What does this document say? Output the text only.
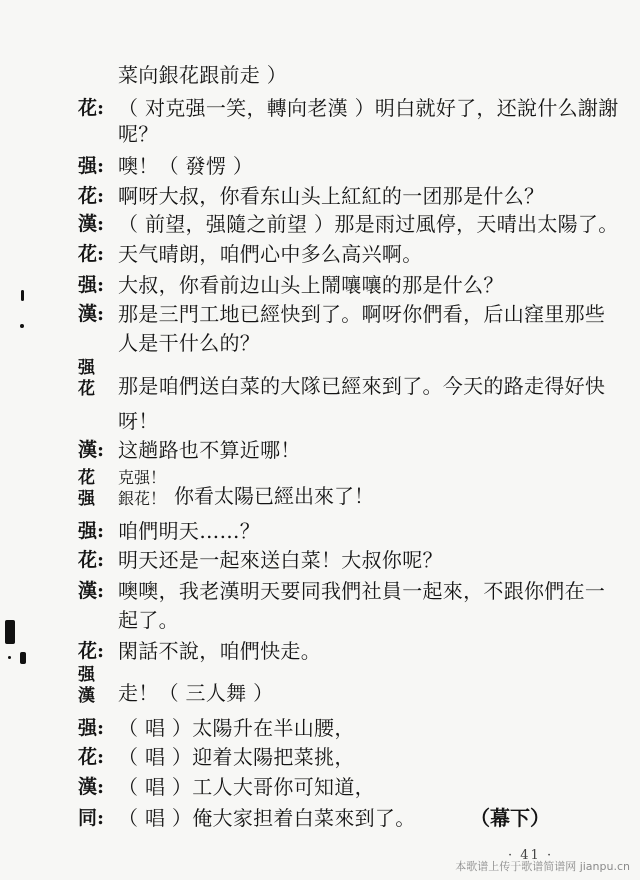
菜向銀花跟前走 ）
花: （ 对克强一笑，轉向老漢 ）明白就好了，还說什么謝謝
呢？
强: 噢！（ 發愣 ）
花: 啊呀大叔，你看东山头上紅紅的一团那是什么？
漢: （ 前望，强隨之前望 ）那是雨过風停，天晴出太陽了。
花: 天气晴朗，咱們心中多么高兴啊。
强: 大叔，你看前边山头上鬧嚷嚷的那是什么？
漢: 那是三門工地已經快到了。啊呀你們看，后山窪里那些
人是干什么的？
强
花 那是咱們送白菜的大隊已經來到了。今天的路走得好快
呀！
漢: 这趟路也不算近哪！
花
强
克强！
銀花！ 你看太陽已經出來了！
强: 咱們明天……？
花: 明天还是一起來送白菜！大叔你呢？
漢: 噢噢，我老漢明天要同我們社員一起來，不跟你們在一
起了。
花: 閑話不說，咱們快走。
强
漢 走！（ 三人舞 ）
强: （ 唱 ）太陽升在半山腰，
花: （ 唱 ）迎着太陽把菜挑，
漢: （ 唱 ）工人大哥你可知道，
同: （ 唱 ）俺大家担着白菜來到了。	（幕下）
· 41 ·
本歌谱上传于歌谱简谱网 jianpu.cn
